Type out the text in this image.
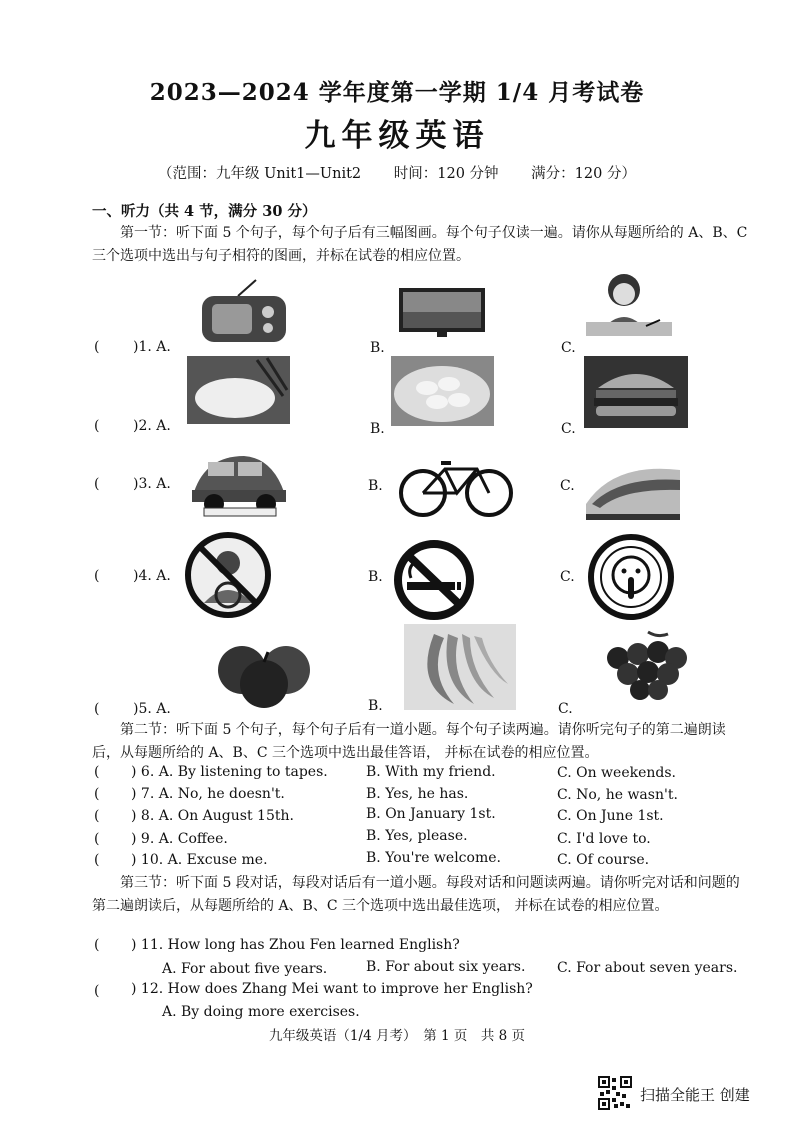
2023—2024 学年度第一学期 1/4 月考试卷
九年级英语
（范围：九年级 Unit1—Unit2 时间：120 分钟 满分：120 分）
一、听力（共 4 节，满分 30 分）
第一节：听下面 5 个句子，每个句子后有三幅图画。每个句子仅读一遍。请你从每题所给的 A、B、C 三个选项中选出与句子相符的图画，并标在试卷的相应位置。
( )1. A.	B.	C.
( )2. A.	B.	C.
( )3. A.	B.	C.
( )4. A.	B.	C.
( )5. A.	B.	C.
第二节：听下面 5 个句子，每个句子后有一道小题。每个句子读两遍。请你听完句子的第二遍朗读后，从每题所给的 A、B、C 三个选项中选出最佳答语， 并标在试卷的相应位置。
( ) 6. A. By listening to tapes.	B. With my friend.	C. On weekends.
( ) 7. A. No, he doesn't.	B. Yes, he has.	C. No, he wasn't.
( ) 8. A. On August 15th.	B. On January 1st.	C. On June 1st.
( ) 9. A. Coffee.	B. Yes, please.	C. I'd love to.
( ) 10. A. Excuse me.	B. You're welcome.	C. Of course.
第三节：听下面 5 段对话，每段对话后有一道小题。每段对话和问题读两遍。请你听完对话和问题的第二遍朗读后，从每题所给的 A、B、C 三个选项中选出最佳选项， 并标在试卷的相应位置。
( ) 11. How long has Zhou Fen learned English?
A. For about five years.	B. For about six years. C. For about seven years.
( ) 12. How does Zhang Mei want to improve her English?
A. By doing more exercises.
九年级英语（1/4 月考）　第 1 页　共 8 页
扫描全能王 创建
